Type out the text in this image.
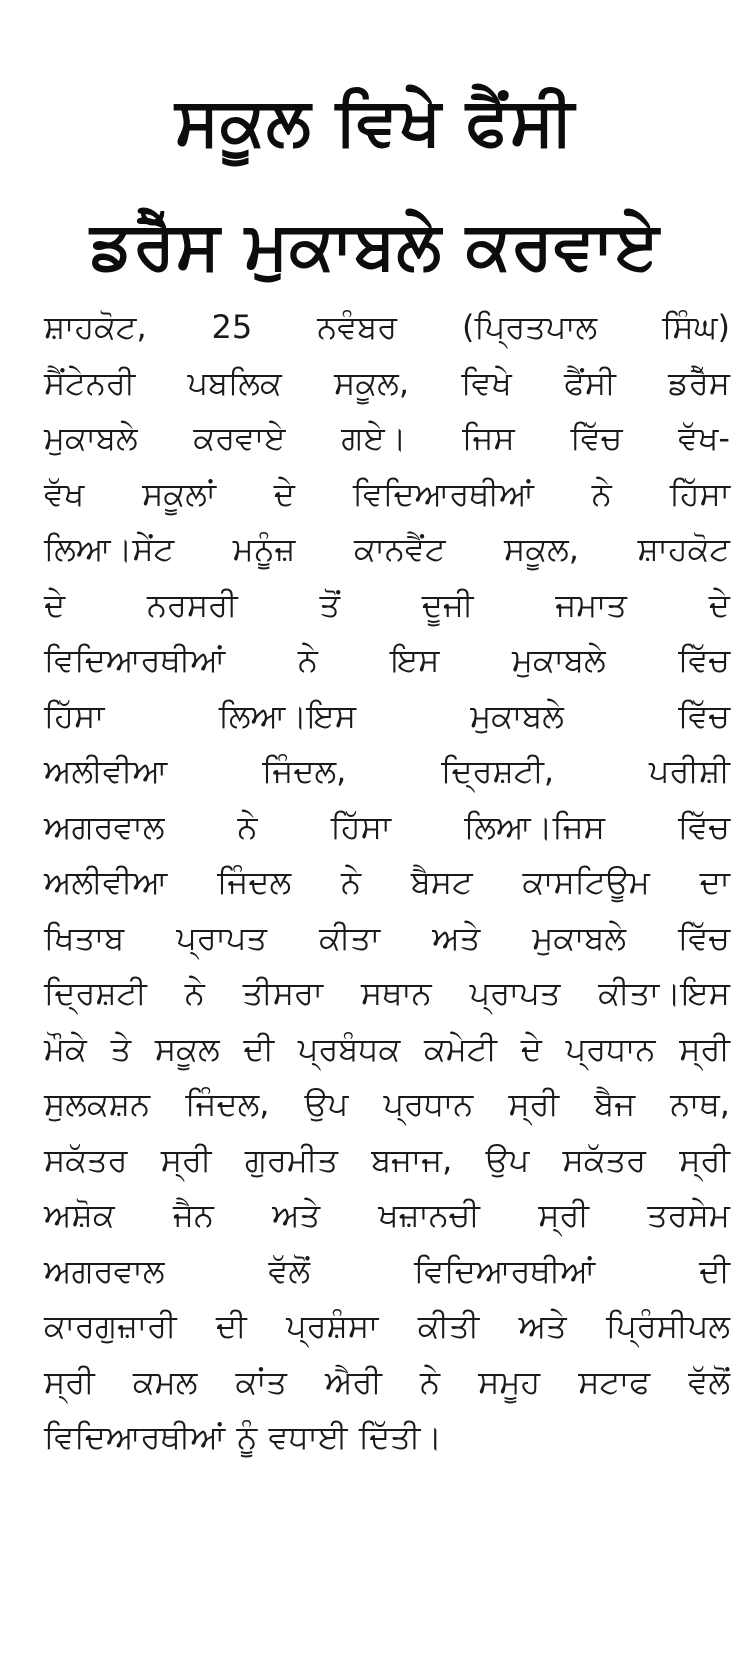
ਸਕੂਲ ਵਿਖੇ ਫੈਂਸੀ
ਡਰੈੱਸ ਮੁਕਾਬਲੇ ਕਰਵਾਏ
ਸ਼ਾਹਕੋਟ, 25 ਨਵੰਬਰ (ਪ੍ਰਿਤਪਾਲ ਸਿੰਘ)
ਸੈਂਟੇਨਰੀ ਪਬਲਿਕ ਸਕੂਲ, ਵਿਖੇ ਫੈਂਸੀ ਡਰੈੱਸ
ਮੁਕਾਬਲੇ ਕਰਵਾਏ ਗਏ। ਜਿਸ ਵਿੱਚ ਵੱਖ-
ਵੱਖ ਸਕੂਲਾਂ ਦੇ ਵਿਦਿਆਰਥੀਆਂ ਨੇ ਹਿੱਸਾ
ਲਿਆ।ਸੇਂਟ ਮਨੂੰਜ਼ ਕਾਨਵੈਂਟ ਸਕੂਲ, ਸ਼ਾਹਕੋਟ
ਦੇ	ਨਰਸਰੀ	ਤੋਂ	ਦੂਜੀ	ਜਮਾਤ	ਦੇ
ਵਿਦਿਆਰਥੀਆਂ ਨੇ ਇਸ ਮੁਕਾਬਲੇ ਵਿੱਚ
ਹਿੱਸਾ	ਲਿਆ।ਇਸ	ਮੁਕਾਬਲੇ	ਵਿੱਚ
ਅਲੀਵੀਆ	ਜਿੰਦਲ,	ਦ੍ਰਿਸ਼ਟੀ,	ਪਰੀਸ਼ੀ
ਅਗਰਵਾਲ ਨੇ ਹਿੱਸਾ ਲਿਆ।ਜਿਸ ਵਿੱਚ
ਅਲੀਵੀਆ ਜਿੰਦਲ ਨੇ ਬੈਸਟ ਕਾਸਟਿਊਮ ਦਾ
ਖਿਤਾਬ ਪ੍ਰਾਪਤ ਕੀਤਾ ਅਤੇ ਮੁਕਾਬਲੇ ਵਿੱਚ
ਦ੍ਰਿਸ਼ਟੀ ਨੇ ਤੀਸਰਾ ਸਥਾਨ ਪ੍ਰਾਪਤ ਕੀਤਾ।ਇਸ
ਮੌਕੇ ਤੇ ਸਕੂਲ ਦੀ ਪ੍ਰਬੰਧਕ ਕਮੇਟੀ ਦੇ ਪ੍ਰਧਾਨ ਸ੍ਰੀ
ਸੁਲਕਸ਼ਨ ਜਿੰਦਲ, ਉਪ ਪ੍ਰਧਾਨ ਸ੍ਰੀ ਬੈਜ ਨਾਥ,
ਸਕੱਤਰ ਸ੍ਰੀ ਗੁਰਮੀਤ ਬਜਾਜ, ਉਪ ਸਕੱਤਰ ਸ੍ਰੀ
ਅਸ਼ੋਕ ਜੈਨ ਅਤੇ ਖਜ਼ਾਨਚੀ ਸ੍ਰੀ ਤਰਸੇਮ
ਅਗਰਵਾਲ	ਵੱਲੋਂ	ਵਿਦਿਆਰਥੀਆਂ	ਦੀ
ਕਾਰਗੁਜ਼ਾਰੀ ਦੀ ਪ੍ਰਸ਼ੰਸਾ ਕੀਤੀ ਅਤੇ ਪ੍ਰਿੰਸੀਪਲ
ਸ੍ਰੀ ਕਮਲ ਕਾਂਤ ਐਰੀ ਨੇ ਸਮੂਹ ਸਟਾਫ ਵੱਲੋਂ
ਵਿਦਿਆਰਥੀਆਂ ਨੂੰ ਵਧਾਈ ਦਿੱਤੀ।
